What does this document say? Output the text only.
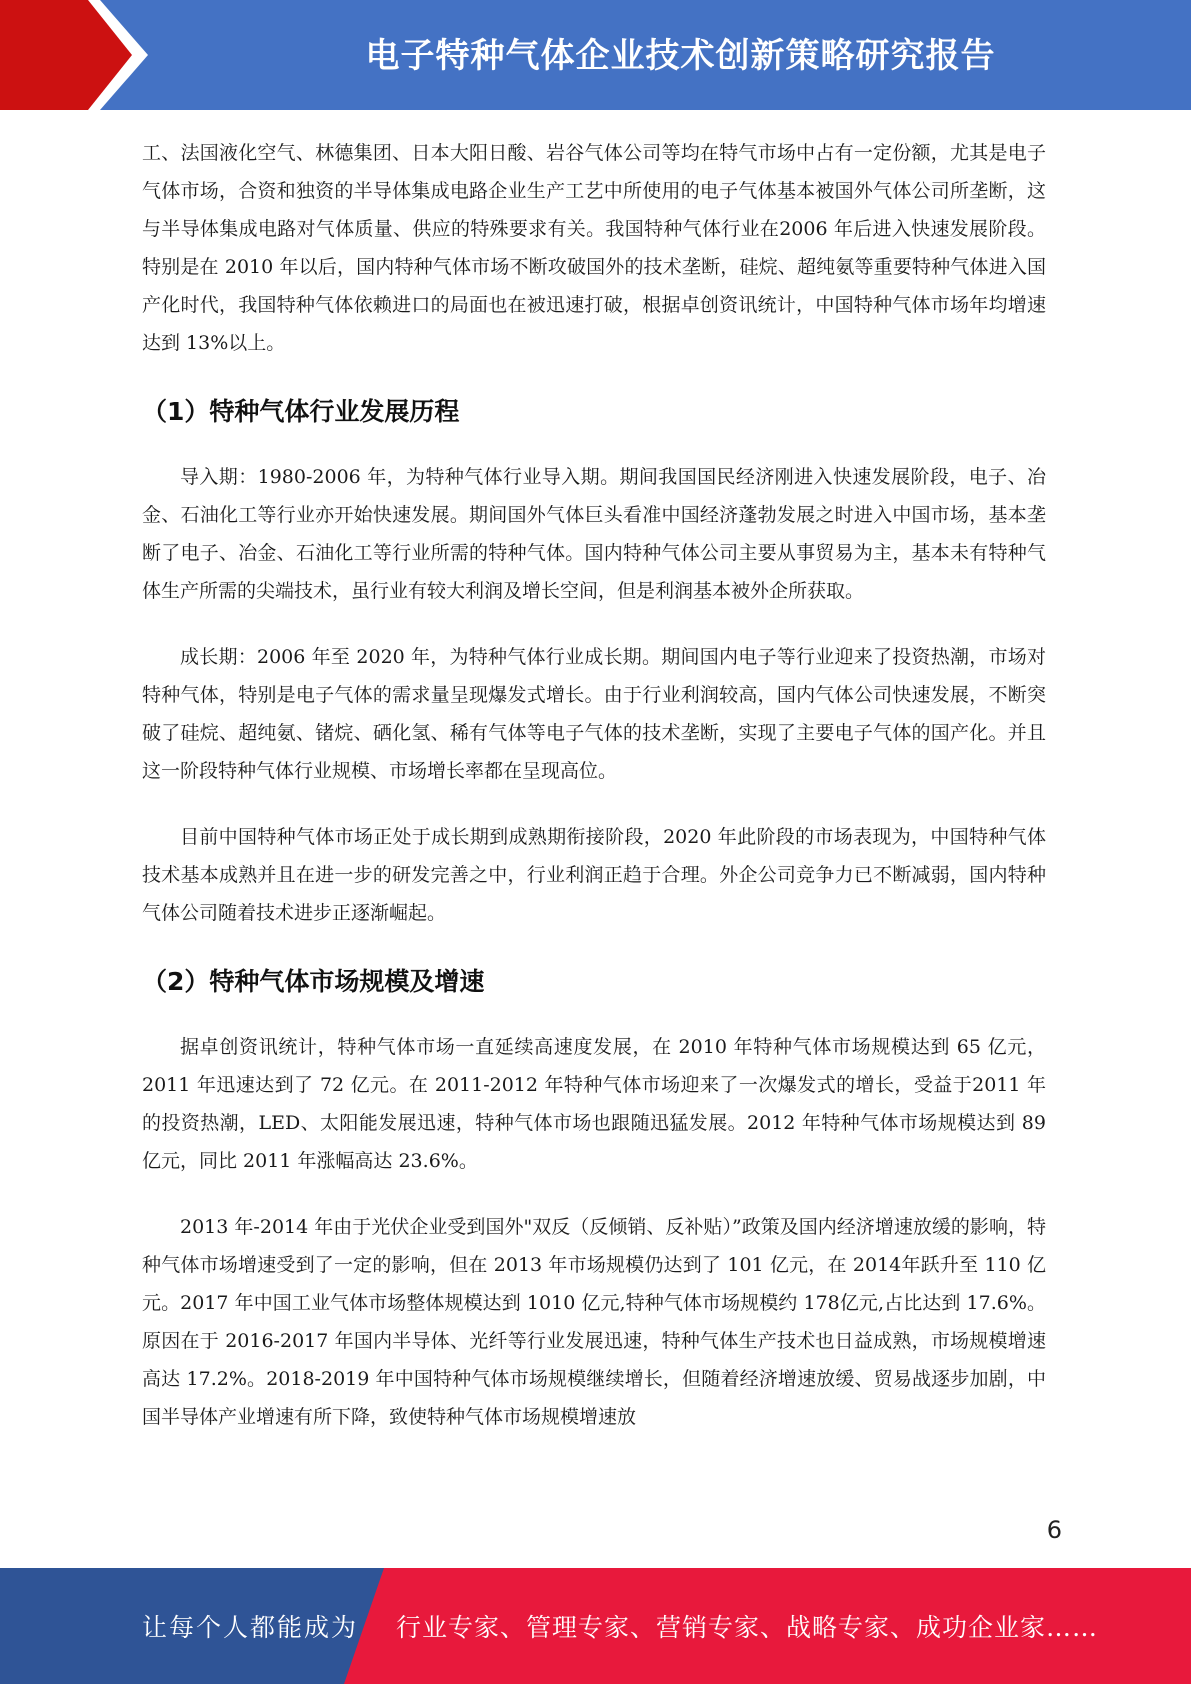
电子特种气体企业技术创新策略研究报告

工、法国液化空气、林德集团、日本大阳日酸、岩谷气体公司等均在特气市场中占有一定份额，尤其是电子气体市场，合资和独资的半导体集成电路企业生产工艺中所使用的电子气体基本被国外气体公司所垄断，这与半导体集成电路对气体质量、供应的特殊要求有关。我国特种气体行业在2006 年后进入快速发展阶段。特别是在 2010 年以后，国内特种气体市场不断攻破国外的技术垄断，硅烷、超纯氨等重要特种气体进入国产化时代，我国特种气体依赖进口的局面也在被迅速打破，根据卓创资讯统计，中国特种气体市场年均增速达到 13%以上。

（1）特种气体行业发展历程

导入期：1980-2006 年，为特种气体行业导入期。期间我国国民经济刚进入快速发展阶段，电子、冶金、石油化工等行业亦开始快速发展。期间国外气体巨头看准中国经济蓬勃发展之时进入中国市场，基本垄断了电子、冶金、石油化工等行业所需的特种气体。国内特种气体公司主要从事贸易为主，基本未有特种气体生产所需的尖端技术，虽行业有较大利润及增长空间，但是利润基本被外企所获取。

成长期：2006 年至 2020 年，为特种气体行业成长期。期间国内电子等行业迎来了投资热潮，市场对特种气体，特别是电子气体的需求量呈现爆发式增长。由于行业利润较高，国内气体公司快速发展，不断突破了硅烷、超纯氨、锗烷、硒化氢、稀有气体等电子气体的技术垄断，实现了主要电子气体的国产化。并且这一阶段特种气体行业规模、市场增长率都在呈现高位。

目前中国特种气体市场正处于成长期到成熟期衔接阶段，2020 年此阶段的市场表现为，中国特种气体技术基本成熟并且在进一步的研发完善之中，行业利润正趋于合理。外企公司竞争力已不断减弱，国内特种气体公司随着技术进步正逐渐崛起。

（2）特种气体市场规模及增速

据卓创资讯统计，特种气体市场一直延续高速度发展，在 2010 年特种气体市场规模达到 65 亿元，2011 年迅速达到了 72 亿元。在 2011-2012 年特种气体市场迎来了一次爆发式的增长，受益于2011 年的投资热潮，LED、太阳能发展迅速，特种气体市场也跟随迅猛发展。2012 年特种气体市场规模达到 89 亿元，同比 2011 年涨幅高达 23.6%。

2013 年-2014 年由于光伏企业受到国外"双反（反倾销、反补贴）”政策及国内经济增速放缓的影响，特种气体市场增速受到了一定的影响，但在 2013 年市场规模仍达到了 101 亿元，在 2014年跃升至 110 亿元。2017 年中国工业气体市场整体规模达到 1010 亿元,特种气体市场规模约 178亿元,占比达到 17.6%。原因在于 2016-2017 年国内半导体、光纤等行业发展迅速，特种气体生产技术也日益成熟，市场规模增速高达 17.2%。2018-2019 年中国特种气体市场规模继续增长，但随着经济增速放缓、贸易战逐步加剧，中国半导体产业增速有所下降，致使特种气体市场规模增速放

6
让每个人都能成为 行业专家、管理专家、营销专家、战略专家、成功企业家……
